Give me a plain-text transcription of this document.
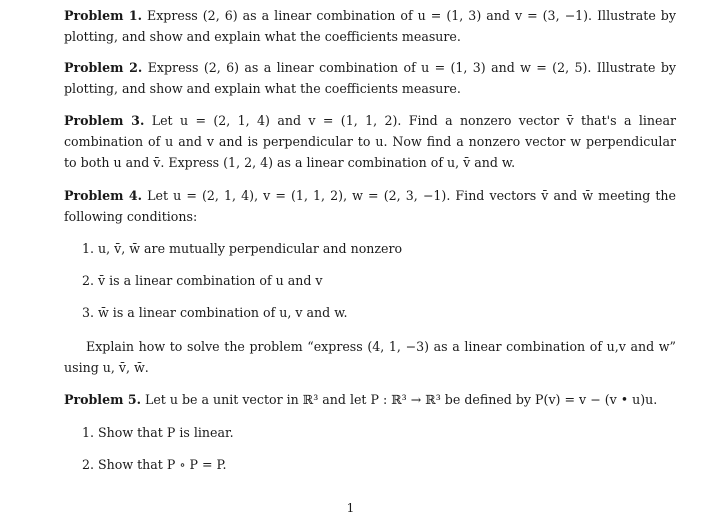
Problem 1. Express (2, 6) as a linear combination of u = (1, 3) and v = (3, −1). Illustrate by plotting, and show and explain what the coefficients measure.
Problem 2. Express (2, 6) as a linear combination of u = (1, 3) and w = (2, 5). Illustrate by plotting, and show and explain what the coefficients measure.
Problem 3. Let u = (2, 1, 4) and v = (1, 1, 2). Find a nonzero vector v̄ that's a linear combination of u and v and is perpendicular to u. Now find a nonzero vector w perpendicular to both u and v̄. Express (1, 2, 4) as a linear combination of u, v̄ and w.
Problem 4. Let u = (2, 1, 4), v = (1, 1, 2), w = (2, 3, −1). Find vectors v̄ and w̄ meeting the following conditions:
1. u, v̄, w̄ are mutually perpendicular and nonzero
2. v̄ is a linear combination of u and v
3. w̄ is a linear combination of u, v and w.
Explain how to solve the problem “express (4, 1, −3) as a linear combination of u,v and w” using u, v̄, w̄.
Problem 5. Let u be a unit vector in ℝ³ and let P : ℝ³ → ℝ³ be defined by P(v) = v − (v • u)u.
1. Show that P is linear.
2. Show that P ∘ P = P.
1
